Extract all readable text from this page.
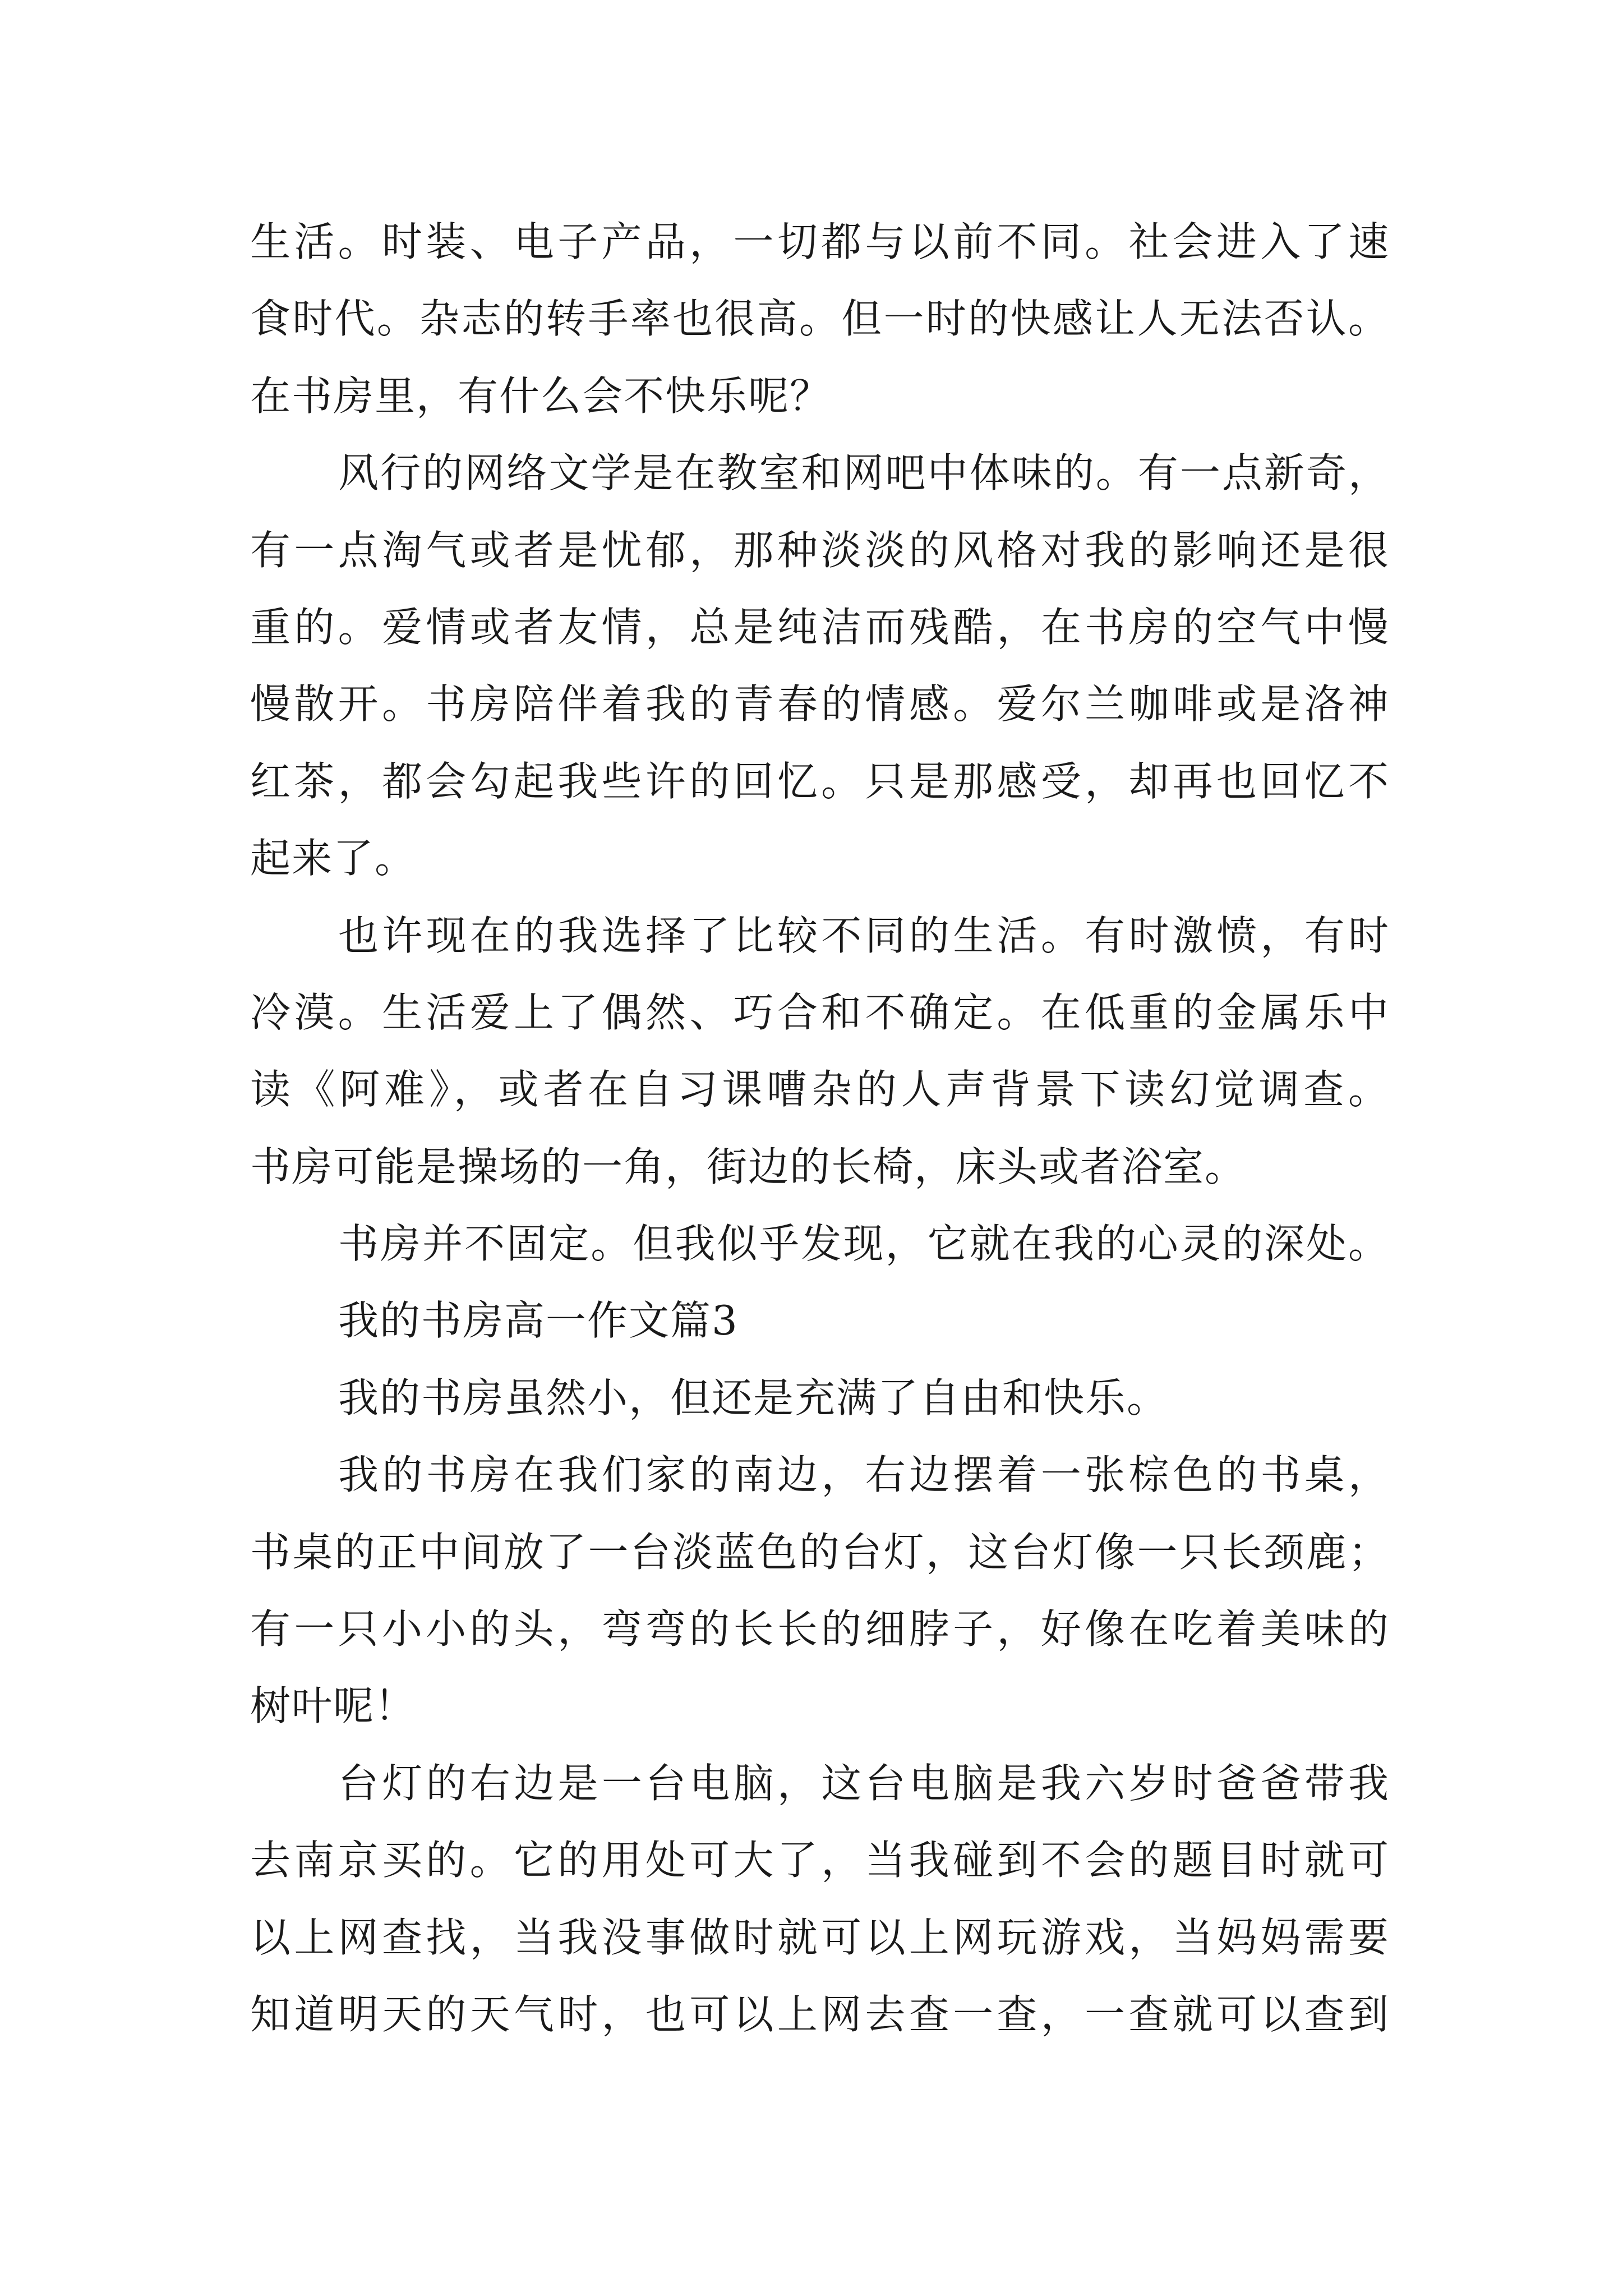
生活。时装、电子产品，一切都与以前不同。社会进入了速
食时代。杂志的转手率也很高。但一时的快感让人无法否认。
在书房里，有什么会不快乐呢？
风行的网络文学是在教室和网吧中体味的。有一点新奇，
有一点淘气或者是忧郁，那种淡淡的风格对我的影响还是很
重的。爱情或者友情，总是纯洁而残酷，在书房的空气中慢
慢散开。书房陪伴着我的青春的情感。爱尔兰咖啡或是洛神
红茶，都会勾起我些许的回忆。只是那感受，却再也回忆不
起来了。
也许现在的我选择了比较不同的生活。有时激愤，有时
冷漠。生活爱上了偶然、巧合和不确定。在低重的金属乐中
读《阿难》，或者在自习课嘈杂的人声背景下读幻觉调查。
书房可能是操场的一角，街边的长椅，床头或者浴室。
书房并不固定。但我似乎发现，它就在我的心灵的深处。
我的书房高一作文篇3
我的书房虽然小，但还是充满了自由和快乐。
我的书房在我们家的南边，右边摆着一张棕色的书桌，
书桌的正中间放了一台淡蓝色的台灯，这台灯像一只长颈鹿；
有一只小小的头，弯弯的长长的细脖子，好像在吃着美味的
树叶呢！
台灯的右边是一台电脑，这台电脑是我六岁时爸爸带我
去南京买的。它的用处可大了，当我碰到不会的题目时就可
以上网查找，当我没事做时就可以上网玩游戏，当妈妈需要
知道明天的天气时，也可以上网去查一查，一查就可以查到
